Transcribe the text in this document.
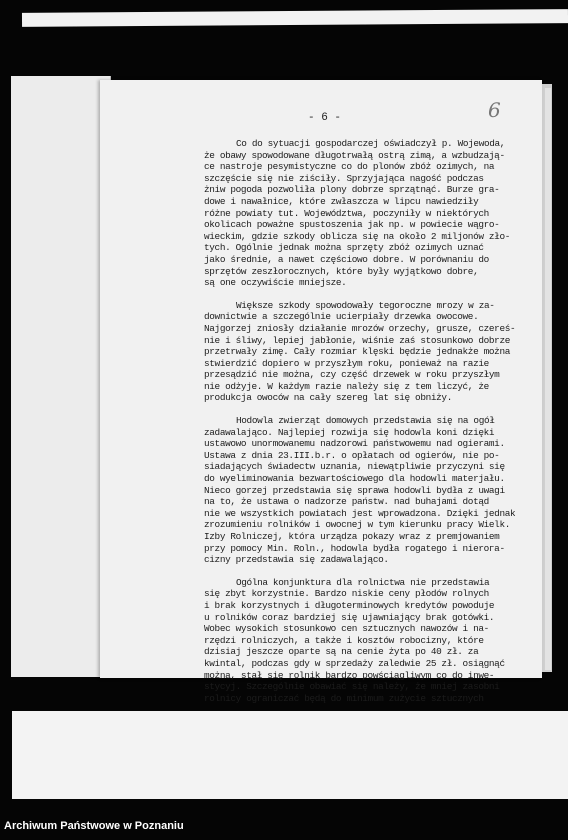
- 6 -	6
Co do sytuacji gospodarczej oświadczył p. Wojewoda,
że obawy spowodowane długotrwałą ostrą zimą, a wzbudzają-
ce nastroje pesymistyczne co do plonów zbóż ozimych, na
szczęście się nie ziściły. Sprzyjająca nagość podczas
żniw pogoda pozwoliła plony dobrze sprzątnąć. Burze gra-
dowe i nawałnice, które zwłaszcza w lipcu nawiedziły
różne powiaty tut. Województwa, poczyniły w niektórych
okolicach poważne spustoszenia jak np. w powiecie wągro-
wieckim, gdzie szkody oblicza się na około 2 miljonów zło-
tych. Ogólnie jednak można sprzęty zbóż ozimych uznać
jako średnie, a nawet częściowo dobre. W porównaniu do
sprzętów zeszłorocznych, które były wyjątkowo dobre,
są one oczywiście mniejsze.
Większe szkody spowodowały tegoroczne mrozy w za-
downictwie a szczególnie ucierpiały drzewka owocowe.
Najgorzej zniosły działanie mrozów orzechy, grusze, czereś-
nie i śliwy, lepiej jabłonie, wiśnie zaś stosunkowo dobrze
przetrwały zimę. Cały rozmiar klęski będzie jednakże można
stwierdzić dopiero w przyszłym roku, ponieważ na razie
przesądzić nie można, czy część drzewek w roku przyszłym
nie odżyje. W każdym razie należy się z tem liczyć, że
produkcja owoców na cały szereg lat się obniży.
Hodowla zwierząt domowych przedstawia się na ogół
zadawalająco. Najlepiej rozwija się hodowla koni dzięki
ustawowo unormowanemu nadzorowi państwowemu nad ogierami.
Ustawa z dnia 23.III.b.r. o opłatach od ogierów, nie po-
siadających świadectw uznania, niewątpliwie przyczyni się
do wyeliminowania bezwartościowego dla hodowli materjału.
Nieco gorzej przedstawia się sprawa hodowli bydła z uwagi
na to, że ustawa o nadzorze państw. nad buhajami dotąd
nie we wszystkich powiatach jest wprowadzona. Dzięki jednak
zrozumieniu rolników i owocnej w tym kierunku pracy Wielk.
Izby Rolniczej, która urządza pokazy wraz z premjowaniem
przy pomocy Min. Roln., hodowla bydła rogatego i nierога-
cizny przedstawia się zadawalająco.
Ogólna konjunktura dla rolnictwa nie przedstawia
się zbyt korzystnie. Bardzo niskie ceny płodów rolnych
i brak korzystnych i długoterminowych kredytów powoduje
u rolników coraz bardziej się ujawniający brak gotówki.
Wobec wysokich stosunkowo cen sztucznych nawozów i na-
rzędzi rolniczych, a także i kosztów robocizny, które
dzisiaj jeszcze oparte są na cenie żyta po 40 zł. za
kwintal, podczas gdy w sprzedaży zaledwie 25 zł. osiągnąć
można, stał się rolnik bardzo powściągliwym co do inwe-
stycyj. Szczególnie obawiać się należy, że mniej zasobni
rolnicy ograniczać będą do minimum zużycie sztucznych
Archiwum Państwowe w Poznaniu
